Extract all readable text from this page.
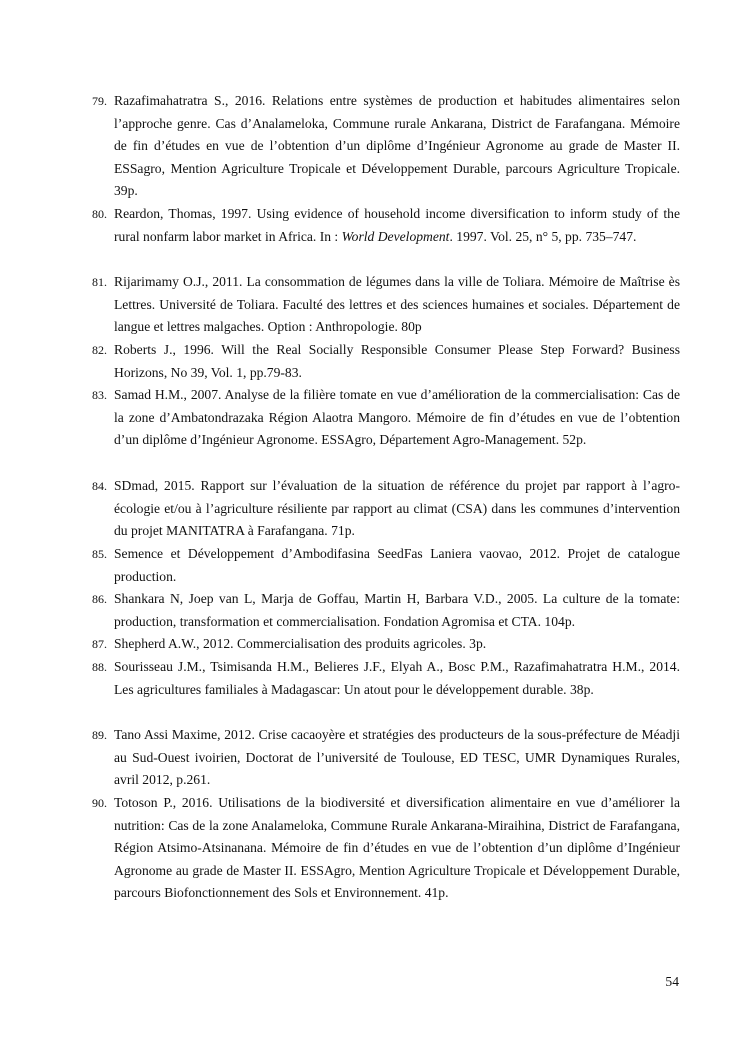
79. Razafimahatratra S., 2016. Relations entre systèmes de production et habitudes alimentaires selon l’approche genre. Cas d’Analameloka, Commune rurale Ankarana, District de Farafangana. Mémoire de fin d’études en vue de l’obtention d’un diplôme d’Ingénieur Agronome au grade de Master II. ESSagro, Mention Agriculture Tropicale et Développement Durable, parcours Agriculture Tropicale. 39p.
80. Reardon, Thomas, 1997. Using evidence of household income diversification to inform study of the rural nonfarm labor market in Africa. In : World Development. 1997. Vol. 25, n° 5, pp. 735–747.
81. Rijarimamy O.J., 2011. La consommation de légumes dans la ville de Toliara. Mémoire de Maîtrise ès Lettres. Université de Toliara. Faculté des lettres et des sciences humaines et sociales. Département de langue et lettres malgaches. Option : Anthropologie. 80p
82. Roberts J., 1996. Will the Real Socially Responsible Consumer Please Step Forward? Business Horizons, No 39, Vol. 1, pp.79-83.
83. Samad H.M., 2007. Analyse de la filière tomate en vue d’amélioration de la commercialisation: Cas de la zone d’Ambatondrazaka Région Alaotra Mangoro. Mémoire de fin d’études en vue de l’obtention d’un diplôme d’Ingénieur Agronome. ESSAgro, Département Agro-Management. 52p.
84. SDmad, 2015. Rapport sur l’évaluation de la situation de référence du projet par rapport à l’agro-écologie et/ou à l’agriculture résiliente par rapport au climat (CSA) dans les communes d’intervention du projet MANITATRA à Farafangana. 71p.
85. Semence et Développement d’Ambodifasina SeedFas Laniera vaovao, 2012. Projet de catalogue production.
86. Shankara N, Joep van L, Marja de Goffau, Martin H, Barbara V.D., 2005. La culture de la tomate: production, transformation et commercialisation. Fondation Agromisa et CTA. 104p.
87. Shepherd A.W., 2012. Commercialisation des produits agricoles. 3p.
88. Sourisseau J.M., Tsimisanda H.M., Belieres J.F., Elyah A., Bosc P.M., Razafimahatratra H.M., 2014. Les agricultures familiales à Madagascar: Un atout pour le développement durable. 38p.
89. Tano Assi Maxime, 2012. Crise cacaoyère et stratégies des producteurs de la sous-préfecture de Méadji au Sud-Ouest ivoirien, Doctorat de l’université de Toulouse, ED TESC, UMR Dynamiques Rurales, avril 2012, p.261.
90. Totoson P., 2016. Utilisations de la biodiversité et diversification alimentaire en vue d’améliorer la nutrition: Cas de la zone Analameloka, Commune Rurale Ankarana-Miraihina, District de Farafangana, Région Atsimo-Atsinanana. Mémoire de fin d’études en vue de l’obtention d’un diplôme d’Ingénieur Agronome au grade de Master II. ESSAgro, Mention Agriculture Tropicale et Développement Durable, parcours Biofonctionnement des Sols et Environnement. 41p.
54
